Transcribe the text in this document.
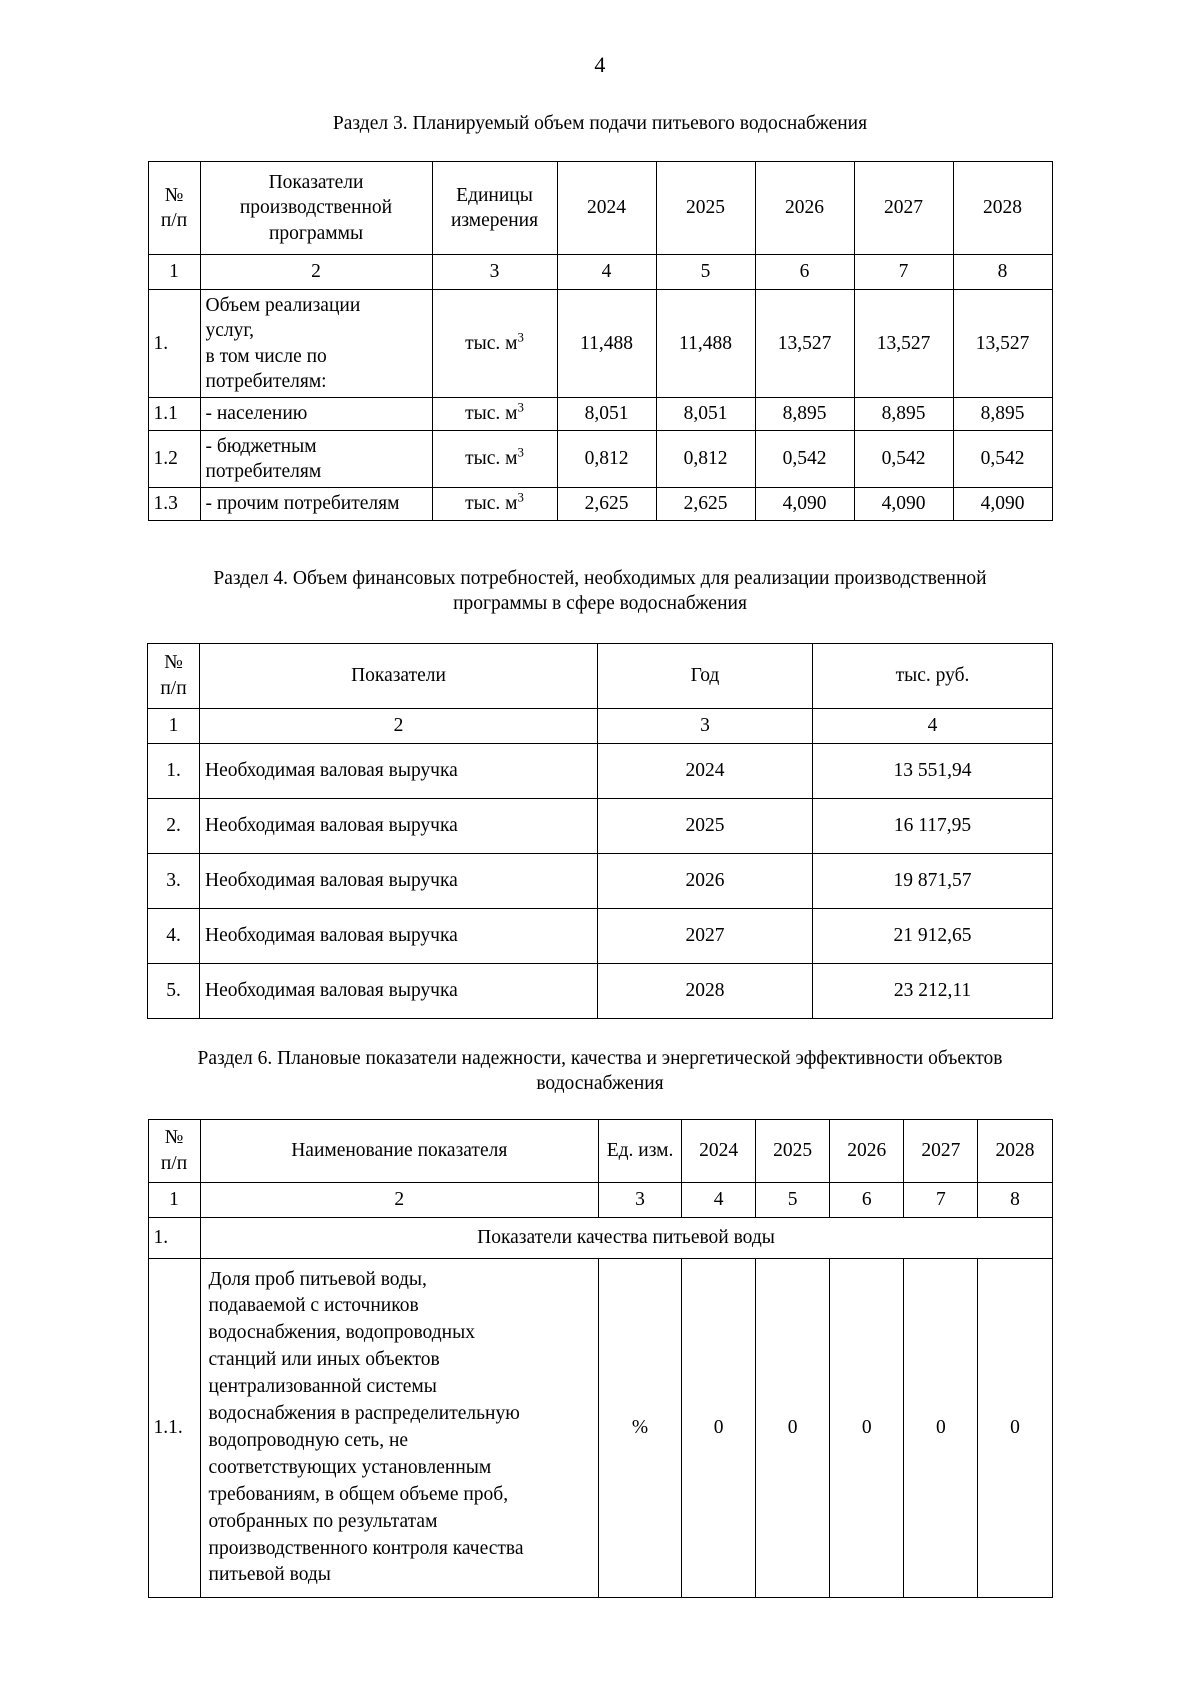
4
Раздел 3. Планируемый объем подачи питьевого водоснабжения
№
п/п	Показатели
производственной
программы	Единицы
измерения	2024	2025	2026	2027	2028
1	2	3	4	5	6	7	8
1.	Объем реализации
услуг,
в том числе по
потребителям:	тыс. $м^3$	11,488	11,488	13,527	13,527	13,527
1.1	- населению	тыс. $м^3$	8,051	8,051	8,895	8,895	8,895
1.2	- бюджетным
потребителям	тыс. $м^3$	0,812	0,812	0,542	0,542	0,542
1.3	- прочим потребителям	тыс. $м^3$	2,625	2,625	4,090	4,090	4,090
Раздел 4. Объем финансовых потребностей, необходимых для реализации производственной
программы в сфере водоснабжения
№
п/п	Показатели	Год	тыс. руб.
1	2	3	4
1.	Необходимая валовая выручка	2024	13 551,94
2.	Необходимая валовая выручка	2025	16 117,95
3.	Необходимая валовая выручка	2026	19 871,57
4.	Необходимая валовая выручка	2027	21 912,65
5.	Необходимая валовая выручка	2028	23 212,11
Раздел 6. Плановые показатели надежности, качества и энергетической эффективности объектов
водоснабжения
№
п/п	Наименование показателя	Ед. изм.	2024	2025	2026	2027	2028
1	2	3	4	5	6	7	8
1.	Показатели качества питьевой воды						
1.1.	Доля проб питьевой воды,
подаваемой с источников
водоснабжения, водопроводных
станций или иных объектов
централизованной системы
водоснабжения в распределительную
водопроводную сеть, не
соответствующих установленным
требованиям, в общем объеме проб,
отобранных по результатам
производственного контроля качества
питьевой воды	%	0	0	0	0	0
